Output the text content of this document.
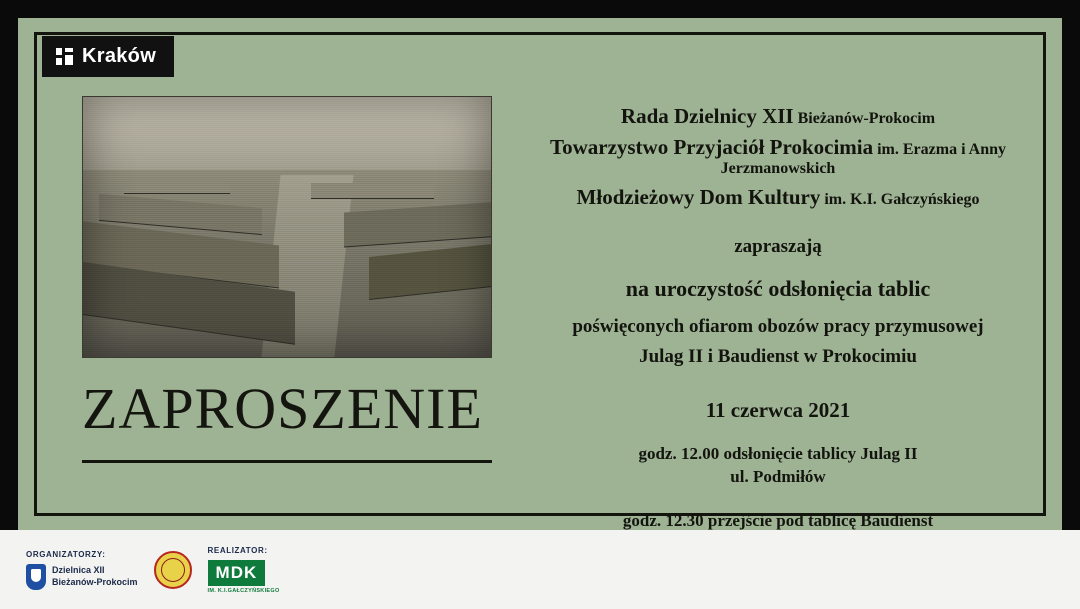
Kraków
ZAPROSZENIE
Rada Dzielnicy XII Bieżanów-Prokocim
Towarzystwo Przyjaciół Prokocimia im. Erazma i Anny Jerzmanowskich
Młodzieżowy Dom Kultury im. K.I. Gałczyńskiego
zapraszają
na uroczystość odsłonięcia tablic
poświęconych ofiarom obozów pracy przymusowej
Julag II i Baudienst w Prokocimiu
11 czerwca 2021
godz. 12.00 odsłonięcie tablicy Julag II
ul. Podmiłów
godz. 12.30 przejście pod tablicę Baudienst
ORGANIZATORZY:
Dzielnica XII
Bieżanów-Prokocim
REALIZATOR:
MDK
IM. K.I.GAŁCZYŃSKIEGO
